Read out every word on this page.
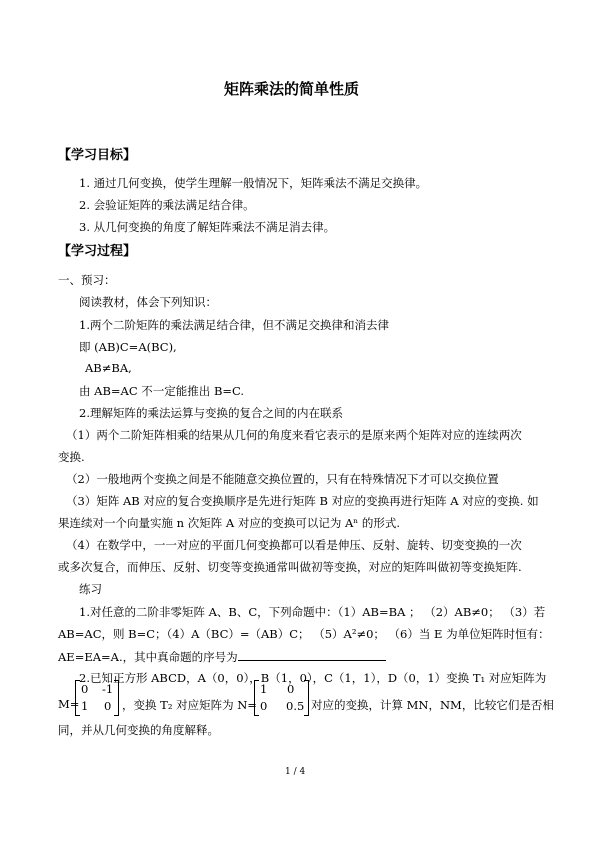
矩阵乘法的简单性质
【学习目标】
1. 通过几何变换，使学生理解一般情况下，矩阵乘法不满足交换律。
2. 会验证矩阵的乘法满足结合律。
3. 从几何变换的角度了解矩阵乘法不满足消去律。
【学习过程】
一、预习：
阅读教材，体会下列知识：
1.两个二阶矩阵的乘法满足结合律，但不满足交换律和消去律
即 (AB)C=A(BC),
AB≠BA,
由 AB=AC 不一定能推出 B=C.
2.理解矩阵的乘法运算与变换的复合之间的内在联系
（1）两个二阶矩阵相乘的结果从几何的角度来看它表示的是原来两个矩阵对应的连续两次
变换.
（2）一般地两个变换之间是不能随意交换位置的，只有在特殊情况下才可以交换位置
（3）矩阵 AB 对应的复合变换顺序是先进行矩阵 B 对应的变换再进行矩阵 A 对应的变换. 如
果连续对一个向量实施 n 次矩阵 A 对应的变换可以记为 Aⁿ 的形式.
（4）在数学中，一一对应的平面几何变换都可以看是伸压、反射、旋转、切变变换的一次
或多次复合，而伸压、反射、切变等变换通常叫做初等变换，对应的矩阵叫做初等变换矩阵.
练习
1.对任意的二阶非零矩阵 A、B、C，下列命题中：（1）AB=BA ； （2）AB≠0； （3）若
AB=AC，则 B=C；（4）A（BC）=（AB）C； （5）A²≠0； （6）当 E 为单位矩阵时恒有：
AE=EA=A.，其中真命题的序号为
2.已知正方形 ABCD，A（0，0），B（1，0），C（1，1），D（0，1）变换 T₁ 对应矩阵为
M=
0 -1
1 0 ，变换 T₂ 对应矩阵为 N=
1 0
0 0.5 对应的变换，计算 MN，NM，比较它们是否相
同，并从几何变换的角度解释。
1 / 4
